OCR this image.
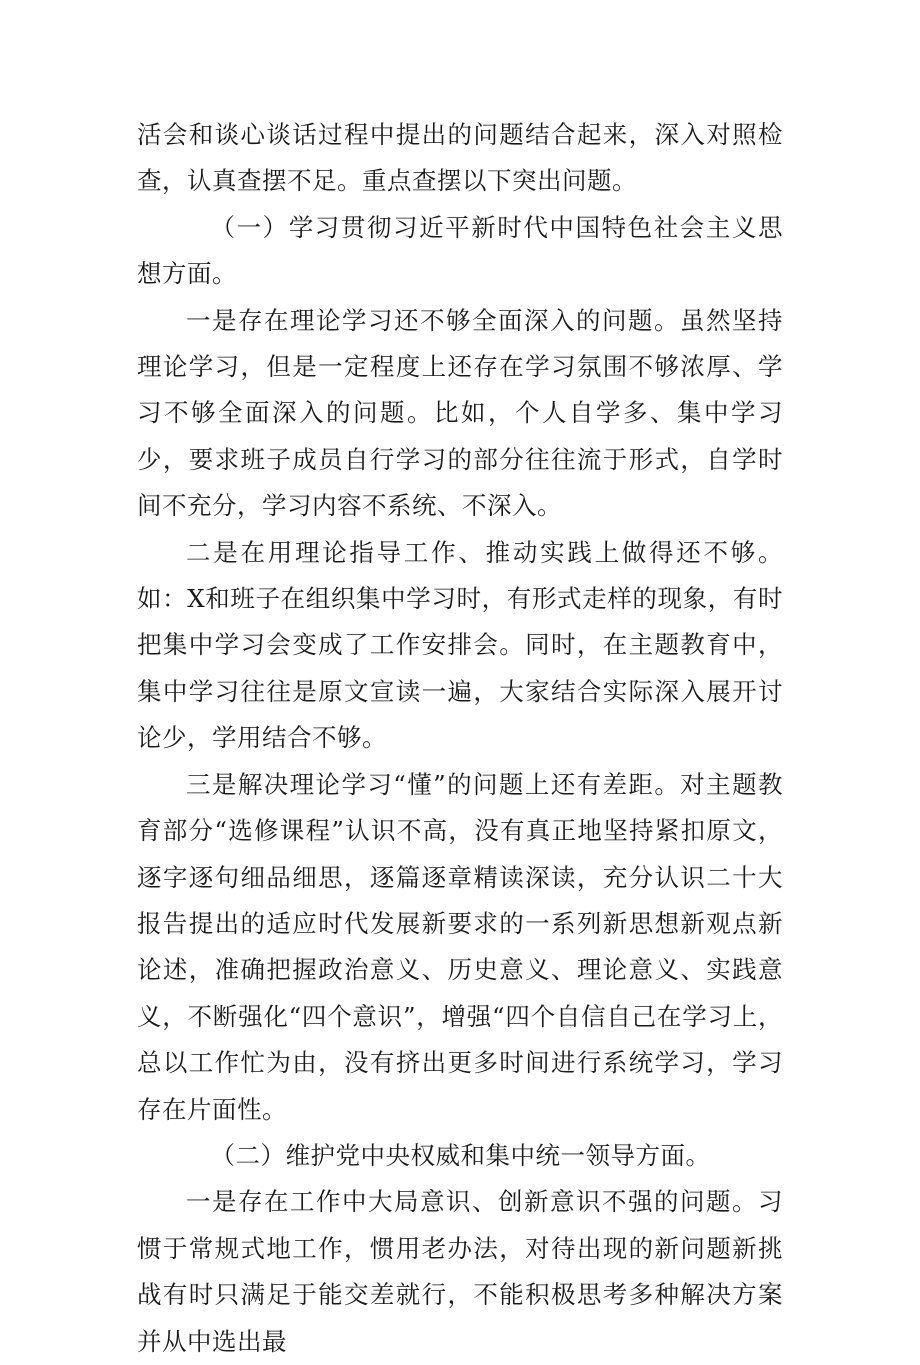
活会和谈心谈话过程中提出的问题结合起来，深入对照检查，认真查摆不足。重点查摆以下突出问题。

（一）学习贯彻习近平新时代中国特色社会主义思想方面。

一是存在理论学习还不够全面深入的问题。虽然坚持理论学习，但是一定程度上还存在学习氛围不够浓厚、学习不够全面深入的问题。比如，个人自学多、集中学习少，要求班子成员自行学习的部分往往流于形式，自学时间不充分，学习内容不系统、不深入。

二是在用理论指导工作、推动实践上做得还不够。如：X和班子在组织集中学习时，有形式走样的现象，有时把集中学习会变成了工作安排会。同时，在主题教育中，集中学习往往是原文宣读一遍，大家结合实际深入展开讨论少，学用结合不够。

三是解决理论学习“懂”的问题上还有差距。对主题教育部分“选修课程”认识不高，没有真正地坚持紧扣原文，逐字逐句细品细思，逐篇逐章精读深读，充分认识二十大报告提出的适应时代发展新要求的一系列新思想新观点新论述，准确把握政治意义、历史意义、理论意义、实践意义，不断强化“四个意识”，增强“四个自信自己在学习上，总以工作忙为由，没有挤出更多时间进行系统学习，学习存在片面性。

（二）维护党中央权威和集中统一领导方面。

一是存在工作中大局意识、创新意识不强的问题。习惯于常规式地工作，惯用老办法，对待出现的新问题新挑战有时只满足于能交差就行，不能积极思考多种解决方案并从中选出最
